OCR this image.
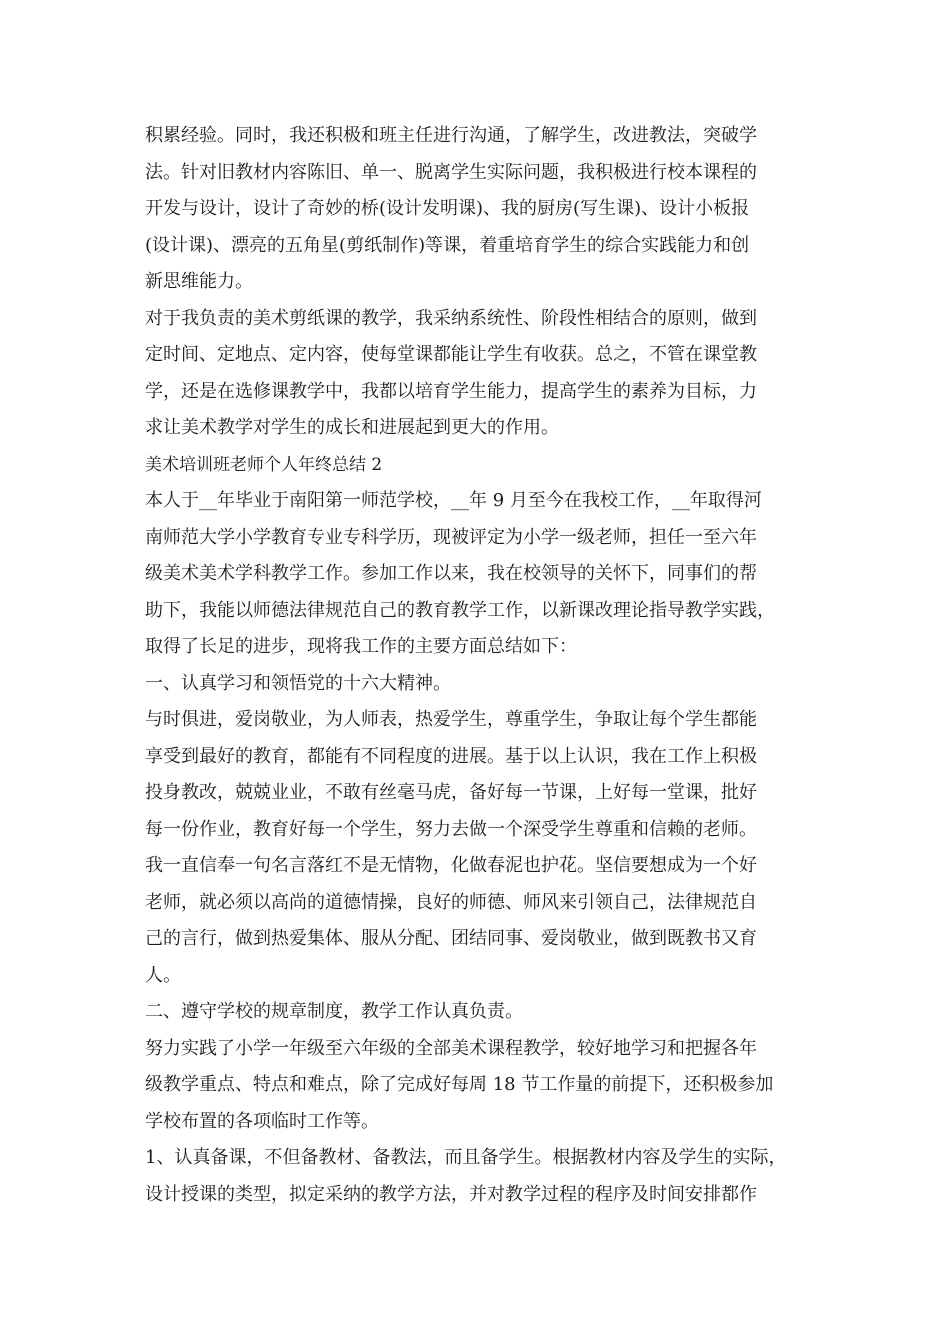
积累经验。同时，我还积极和班主任进行沟通，了解学生，改进教法，突破学
法。针对旧教材内容陈旧、单一、脱离学生实际问题，我积极进行校本课程的
开发与设计，设计了奇妙的桥(设计发明课)、我的厨房(写生课)、设计小板报
(设计课)、漂亮的五角星(剪纸制作)等课，着重培育学生的综合实践能力和创
新思维能力。
对于我负责的美术剪纸课的教学，我采纳系统性、阶段性相结合的原则，做到
定时间、定地点、定内容，使每堂课都能让学生有收获。总之，不管在课堂教
学，还是在选修课教学中，我都以培育学生能力，提高学生的素养为目标，力
求让美术教学对学生的成长和进展起到更大的作用。
美术培训班老师个人年终总结 2
本人于__年毕业于南阳第一师范学校，__年 9 月至今在我校工作，__年取得河
南师范大学小学教育专业专科学历，现被评定为小学一级老师，担任一至六年
级美术美术学科教学工作。参加工作以来，我在校领导的关怀下，同事们的帮
助下，我能以师德法律规范自己的教育教学工作，以新课改理论指导教学实践，
取得了长足的进步，现将我工作的主要方面总结如下：
一、认真学习和领悟党的十六大精神。
与时俱进，爱岗敬业，为人师表，热爱学生，尊重学生，争取让每个学生都能
享受到最好的教育，都能有不同程度的进展。基于以上认识，我在工作上积极
投身教改，兢兢业业，不敢有丝毫马虎，备好每一节课，上好每一堂课，批好
每一份作业，教育好每一个学生，努力去做一个深受学生尊重和信赖的老师。
我一直信奉一句名言落红不是无情物，化做春泥也护花。坚信要想成为一个好
老师，就必须以高尚的道德情操，良好的师德、师风来引领自己，法律规范自
己的言行，做到热爱集体、服从分配、团结同事、爱岗敬业，做到既教书又育
人。
二、遵守学校的规章制度，教学工作认真负责。
努力实践了小学一年级至六年级的全部美术课程教学，较好地学习和把握各年
级教学重点、特点和难点，除了完成好每周 18 节工作量的前提下，还积极参加
学校布置的各项临时工作等。
1、认真备课，不但备教材、备教法，而且备学生。根据教材内容及学生的实际，
设计授课的类型，拟定采纳的教学方法，并对教学过程的程序及时间安排都作
